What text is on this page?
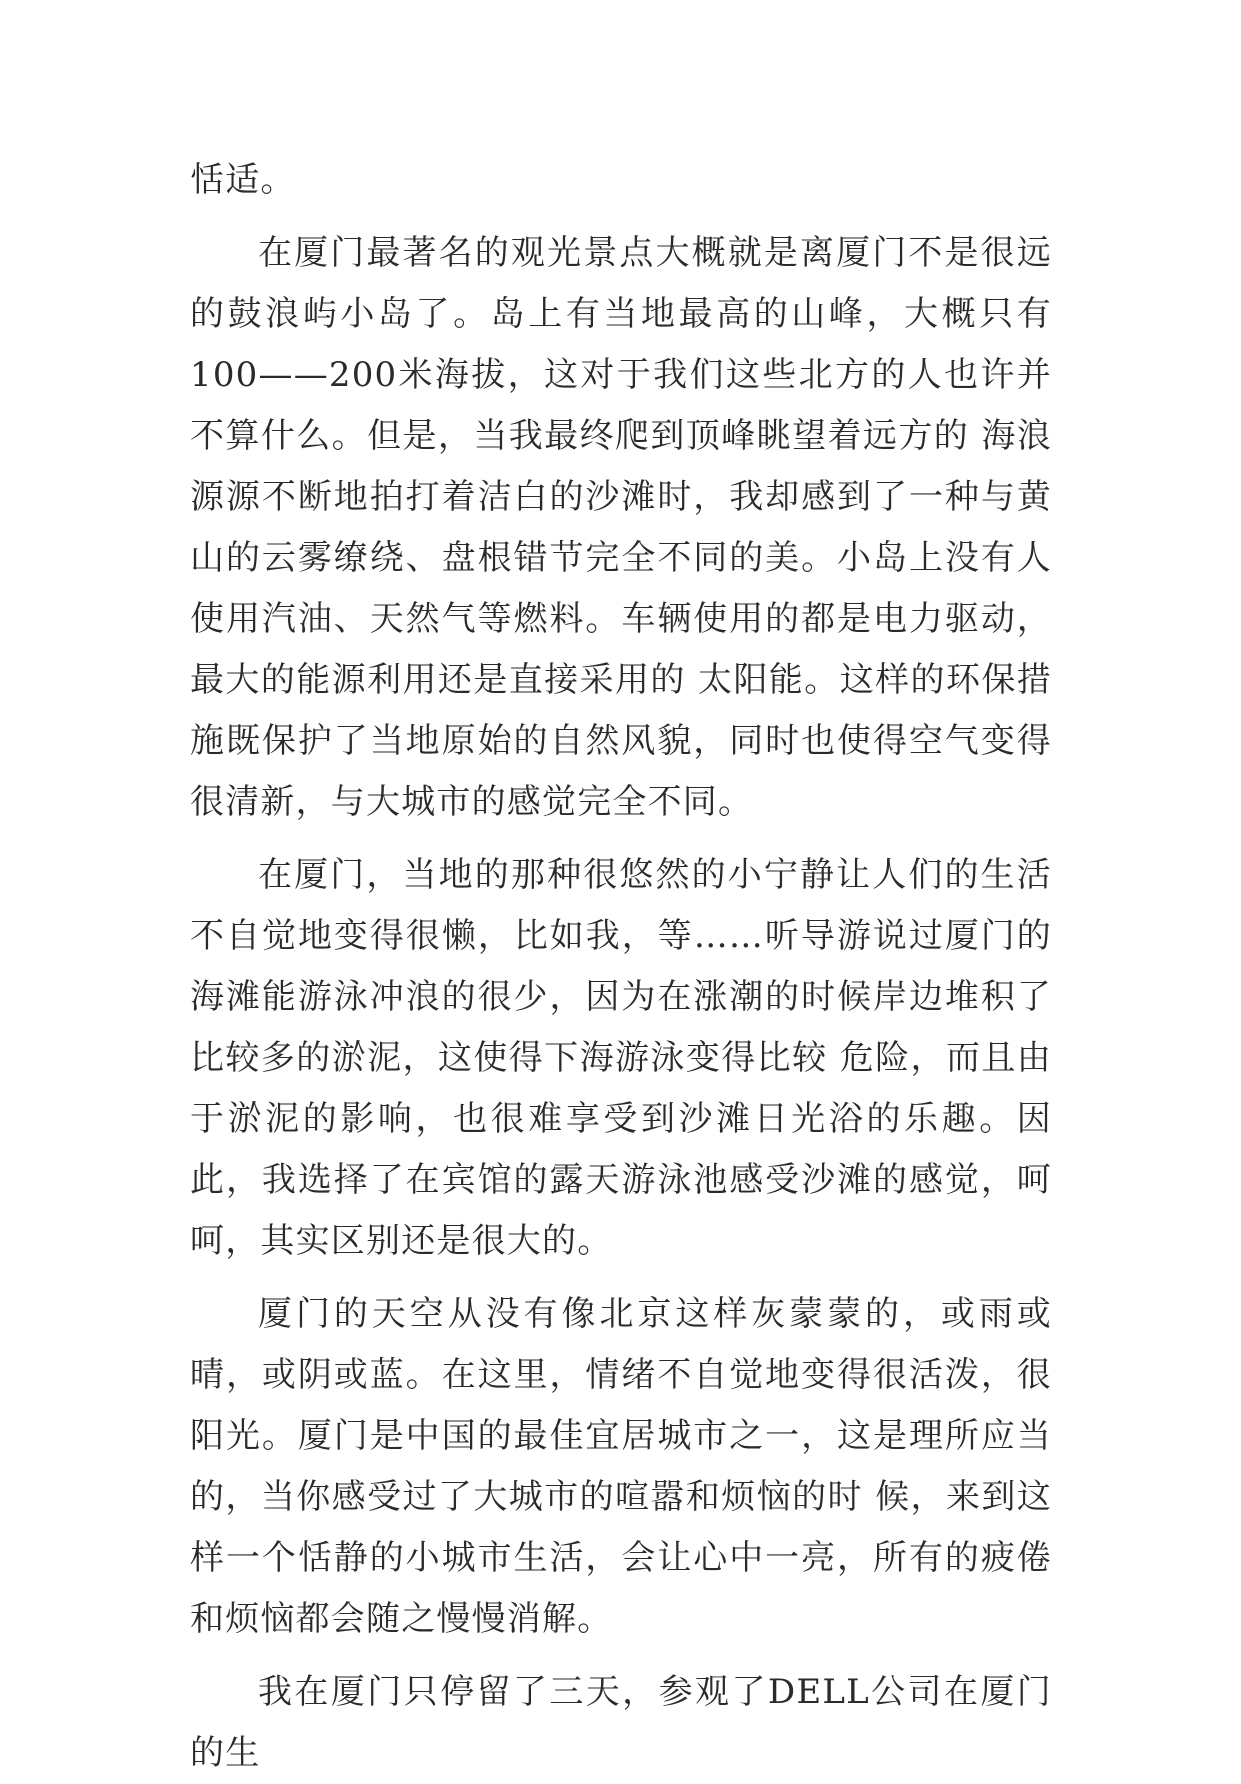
恬适。

在厦门最著名的观光景点大概就是离厦门不是很远的鼓浪屿小岛了。岛上有当地最高的山峰，大概只有100——200米海拔，这对于我们这些北方的人也许并不算什么。但是，当我最终爬到顶峰眺望着远方的 海浪源源不断地拍打着洁白的沙滩时，我却感到了一种与黄山的云雾缭绕、盘根错节完全不同的美。小岛上没有人使用汽油、天然气等燃料。车辆使用的都是电力驱动，最大的能源利用还是直接采用的 太阳能。这样的环保措施既保护了当地原始的自然风貌，同时也使得空气变得很清新，与大城市的感觉完全不同。

在厦门，当地的那种很悠然的小宁静让人们的生活不自觉地变得很懒，比如我，等……听导游说过厦门的海滩能游泳冲浪的很少，因为在涨潮的时候岸边堆积了比较多的淤泥，这使得下海游泳变得比较 危险，而且由于淤泥的影响，也很难享受到沙滩日光浴的乐趣。因此，我选择了在宾馆的露天游泳池感受沙滩的感觉，呵呵，其实区别还是很大的。

厦门的天空从没有像北京这样灰蒙蒙的，或雨或晴，或阴或蓝。在这里，情绪不自觉地变得很活泼，很阳光。厦门是中国的最佳宜居城市之一，这是理所应当的，当你感受过了大城市的喧嚣和烦恼的时 候，来到这样一个恬静的小城市生活，会让心中一亮，所有的疲倦和烦恼都会随之慢慢消解。

我在厦门只停留了三天，参观了DELL公司在厦门的生
